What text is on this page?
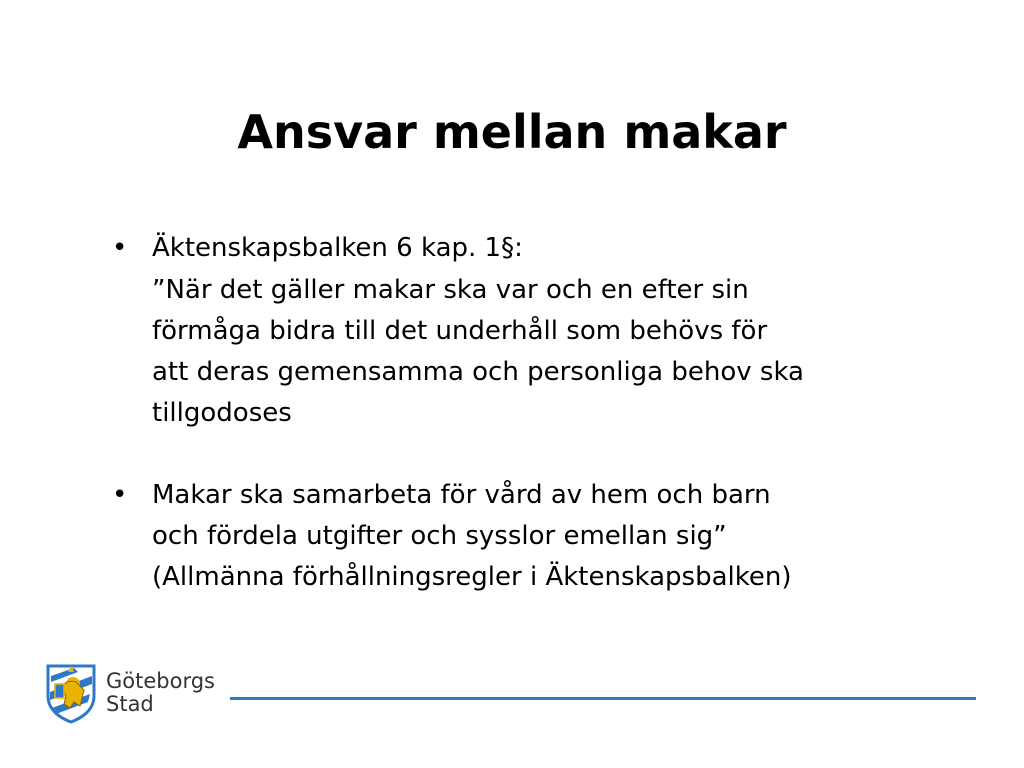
Ansvar mellan makar
• Äktenskapsbalken 6 kap. 1§:
”När det gäller makar ska var och en efter sin
förmåga bidra till det underhåll som behövs för
att deras gemensamma och personliga behov ska
tillgodoses
• Makar ska samarbeta för vård av hem och barn
och fördela utgifter och sysslor emellan sig”
(Allmänna förhållningsregler i Äktenskapsbalken)
Göteborgs
Stad
